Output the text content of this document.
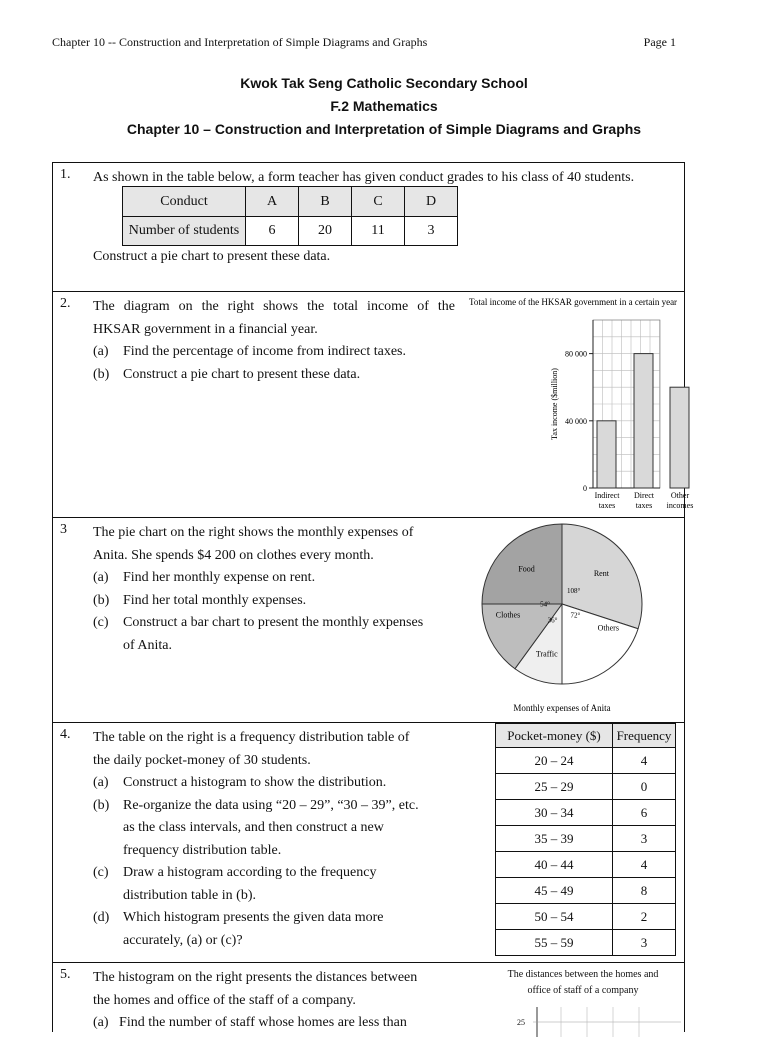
Chapter 10 -- Construction and Interpretation of Simple Diagrams and Graphs	Page 1
Kwok Tak Seng Catholic Secondary School
F.2 Mathematics
Chapter 10 – Construction and Interpretation of Simple Diagrams and Graphs
1. As shown in the table below, a form teacher has given conduct grades to his class of 40 students.
Conduct	A	B	C	D
Number of students	6	20	11	3
Construct a pie chart to present these data.
2. The diagram on the right shows the total income of the
HKSAR government in a financial year.
(a)	Find the percentage of income from indirect taxes.
(b) Construct a pie chart to present these data.
Total income of the HKSAR government in a certain year
0
40 000
80 000
Tax income ($million)
Indirect
taxes
Direct
taxes
Other
incomes
3 The pie chart on the right shows the monthly expenses of
Anita. She spends $4 200 on clothes every month.
(a)	Find her monthly expense on rent.
(b) Find her total monthly expenses.
(c)	Construct a bar chart to present the monthly expenses
of Anita.
Food
Rent
Others
Traffic
Clothes
108°
72°
36°
54°
Monthly expenses of Anita
4. The table on the right is a frequency distribution table of
the daily pocket-money of 30 students.
(a)	Construct a histogram to show the distribution.
(b) Re-organize the data using “20 – 29”, “30 – 39”, etc.
as the class intervals, and then construct a new
frequency distribution table.
(c)	Draw a histogram according to the frequency
distribution table in (b).
(d) Which histogram presents the given data more
accurately, (a) or (c)?
Pocket-money ($)	Frequency
20 – 24	4
25 – 29	0
30 – 34	6
35 – 39	3
40 – 44	4
45 – 49	8
50 – 54	2
55 – 59	3
5. The histogram on the right presents the distances between
the homes and office of the staff of a company.
(a)   Find the number of staff whose homes are less than
The distances between the homes and
office of staff of a company
25
